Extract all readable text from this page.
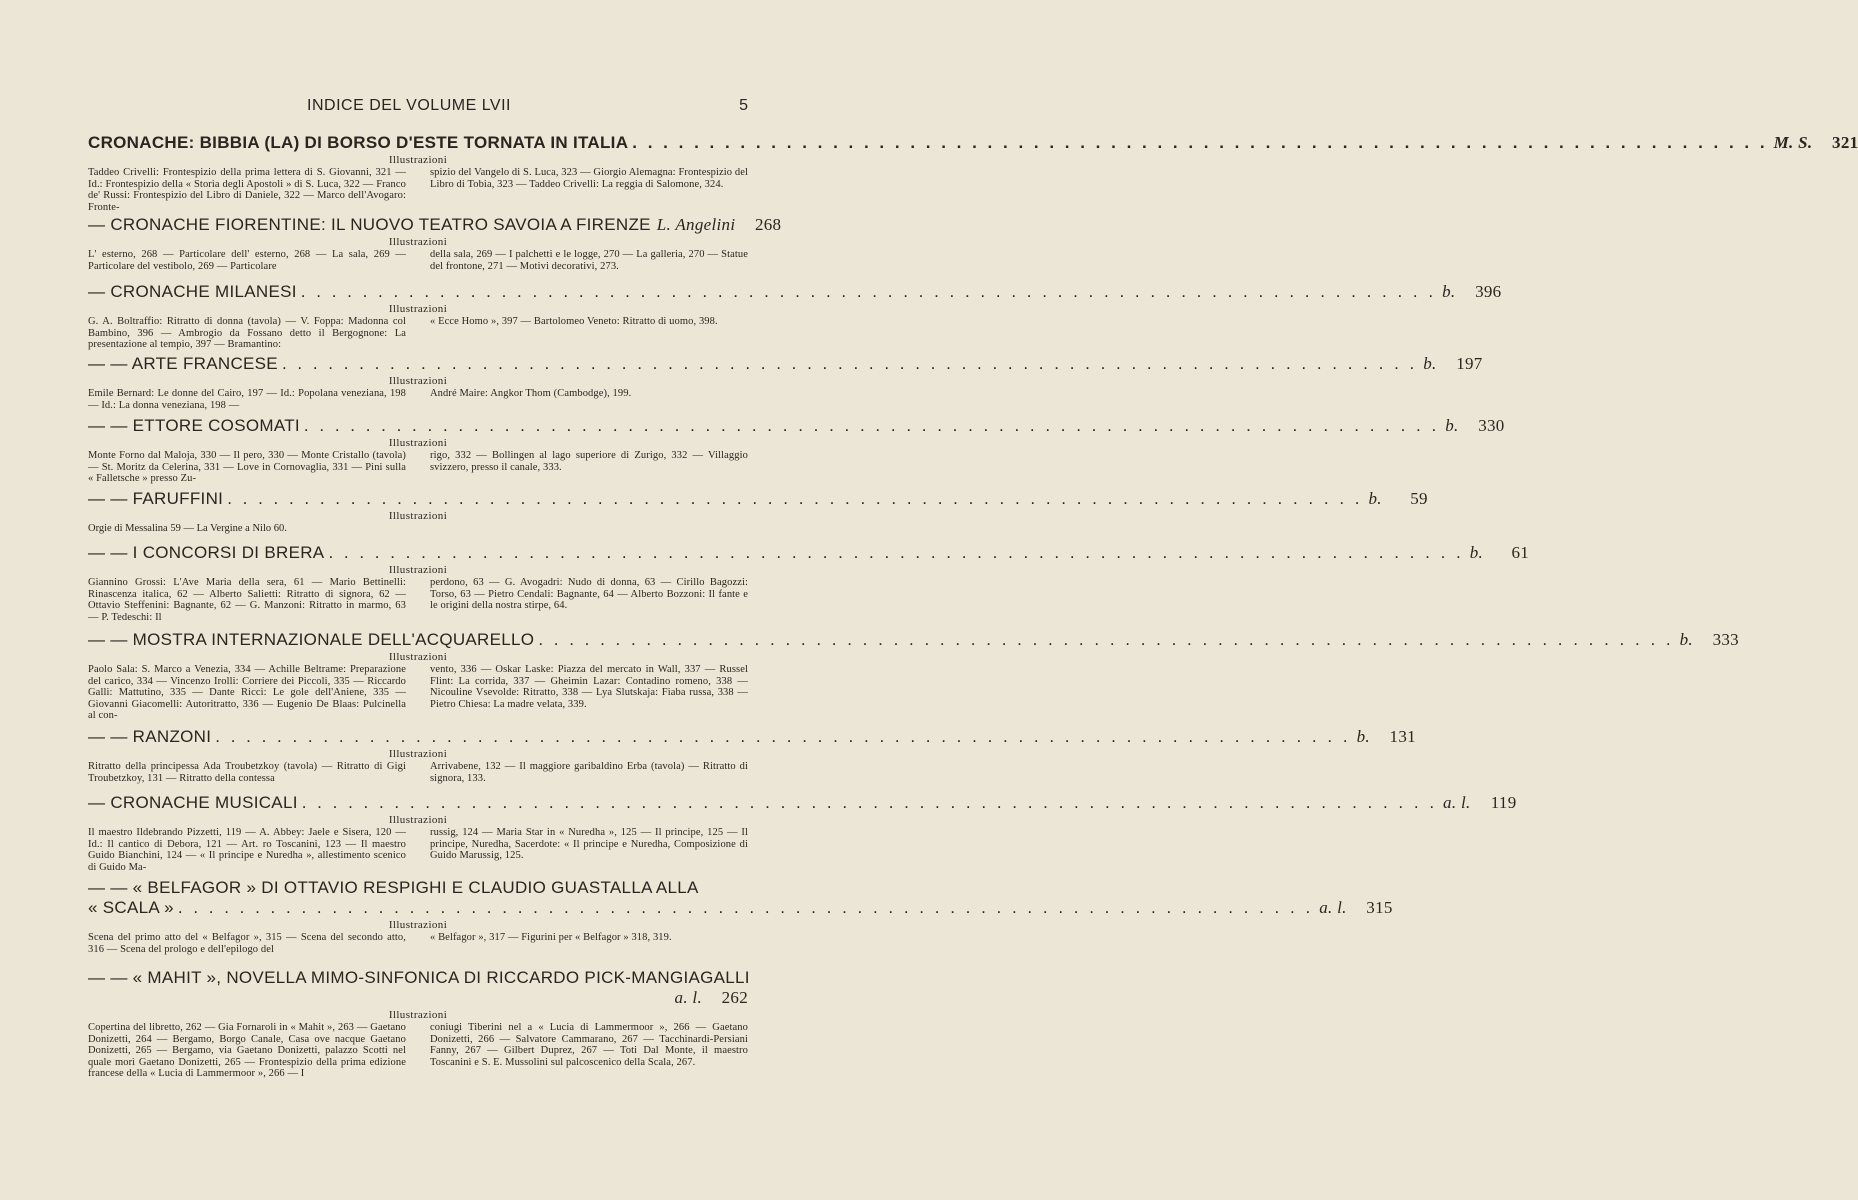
INDICE DEL VOLUME LVII	5
CRONACHE: BIBBIA (LA) DI BORSO D'ESTE TORNATA IN ITALIA . . .	M. S.	321
Illustrazioni
Taddeo Crivelli: Frontespizio della prima lettera di S. Giovanni, 321 — Id.: Frontespizio della « Storia degli Apostoli » di S. Luca, 322 — Franco de' Russi: Frontespizio del Libro di Daniele, 322 — Marco dell'Avogaro: Fronte-
spizio del Vangelo di S. Luca, 323 — Giorgio Alemagna: Frontespizio del Libro di Tobia, 323 — Taddeo Crivelli: La reggia di Salomone, 324.
— CRONACHE FIORENTINE: IL NUOVO TEATRO SAVOIA A FIRENZE L. Angelini	268
Illustrazioni
L' esterno, 268 — Particolare dell' esterno, 268 — La sala, 269 — Particolare del vestibolo, 269 — Particolare
della sala, 269 — I palchetti e le logge, 270 — La galleria, 270 — Statue del frontone, 271 — Motivi decorativi, 273.
— CRONACHE MILANESI . . .	b.	396
Illustrazioni
G. A. Boltraffio: Ritratto di donna (tavola) — V. Foppa: Madonna col Bambino, 396 — Ambrogio da Fossano detto il Bergognone: La presentazione al tempio, 397 — Bramantino:
« Ecce Homo », 397 — Bartolomeo Veneto: Ritratto di uomo, 398.
— — ARTE FRANCESE . . .	b.	197
Illustrazioni
Emile Bernard: Le donne del Cairo, 197 — Id.: Popolana veneziana, 198 — Id.: La donna veneziana, 198 —
André Maire: Angkor Thom (Cambodge), 199.
— — ETTORE COSOMATI . . .	b.	330
Illustrazioni
Monte Forno dal Maloja, 330 — Il pero, 330 — Monte Cristallo (tavola) — St. Moritz da Celerina, 331 — Love in Cornovaglia, 331 — Pini sulla « Falletsche » presso Zu-
rigo, 332 — Bollingen al lago superiore di Zurigo, 332 — Villaggio svizzero, presso il canale, 333.
— — FARUFFINI . . .	b.	59
Illustrazioni
Orgie di Messalina 59 — La Vergine a Nilo 60.
— — I CONCORSI DI BRERA . . .	b.	61
Illustrazioni
Giannino Grossi: L'Ave Maria della sera, 61 — Mario Bettinelli: Rinascenza italica, 62 — Alberto Salietti: Ritratto di signora, 62 — Ottavio Steffenini: Bagnante, 62 — G. Manzoni: Ritratto in marmo, 63 — P. Tedeschi: Il
perdono, 63 — G. Avogadri: Nudo di donna, 63 — Cirillo Bagozzi: Torso, 63 — Pietro Cendali: Bagnante, 64 — Alberto Bozzoni: Il fante e le origini della nostra stirpe, 64.
— — MOSTRA INTERNAZIONALE DELL'ACQUARELLO . . .	b.	333
Illustrazioni
Paolo Sala: S. Marco a Venezia, 334 — Achille Beltrame: Preparazione del carico, 334 — Vincenzo Irolli: Corriere dei Piccoli, 335 — Riccardo Galli: Mattutino, 335 — Dante Ricci: Le gole dell'Aniene, 335 — Giovanni Giacomelli: Autoritratto, 336 — Eugenio De Blaas: Pulcinella al con-
vento, 336 — Oskar Laske: Piazza del mercato in Wall, 337 — Russel Flint: La corrida, 337 — Gheimin Lazar: Contadino romeno, 338 — Nicouline Vsevolde: Ritratto, 338 — Lya Slutskaja: Fiaba russa, 338 — Pietro Chiesa: La madre velata, 339.
— — RANZONI . . .	b.	131
Illustrazioni
Ritratto della principessa Ada Troubetzkoy (tavola) — Ritratto di Gigi Troubetzkoy, 131 — Ritratto della contessa
Arrivabene, 132 — Il maggiore garibaldino Erba (tavola) — Ritratto di signora, 133.
— CRONACHE MUSICALI . . .	a. l.	119
Illustrazioni
Il maestro Ildebrando Pizzetti, 119 — A. Abbey: Jaele e Sisera, 120 — Id.: Il cantico di Debora, 121 — Art. ro Toscanini, 123 — Il maestro Guido Bianchini, 124 — « Il principe e Nuredha », allestimento scenico di Guido Ma-
russig, 124 — Maria Star in « Nuredha », 125 — Il principe, 125 — Il principe, Nuredha, Sacerdote: « Il principe e Nuredha, Composizione di Guido Marussig, 125.
— — « BELFAGOR » DI OTTAVIO RESPIGHI E CLAUDIO GUASTALLA ALLA
« SCALA » . . .	a. l.	315
Illustrazioni
Scena del primo atto del « Belfagor », 315 — Scena del secondo atto, 316 — Scena del prologo e dell'epilogo del
« Belfagor », 317 — Figurini per « Belfagor » 318, 319.
— — « MAHIT », NOVELLA MIMO-SINFONICA DI RICCARDO PICK-MANGIAGALLI
a. l.	262
Illustrazioni
Copertina del libretto, 262 — Gia Fornaroli in « Mahit », 263 — Gaetano Donizetti, 264 — Bergamo, Borgo Canale, Casa ove nacque Gaetano Donizetti, 265 — Bergamo, via Gaetano Donizetti, palazzo Scotti nel quale morì Gaetano Donizetti, 265 — Frontespizio della prima edizione francese della « Lucia di Lammermoor », 266 — I
coniugi Tiberini nel a « Lucia di Lammermoor », 266 — Gaetano Donizetti, 266 — Salvatore Cammarano, 267 — Tacchinardi-Persiani Fanny, 267 — Gilbert Duprez, 267 — Toti Dal Monte, il maestro Toscanini e S. E. Mussolini sul palcoscenico della Scala, 267.
